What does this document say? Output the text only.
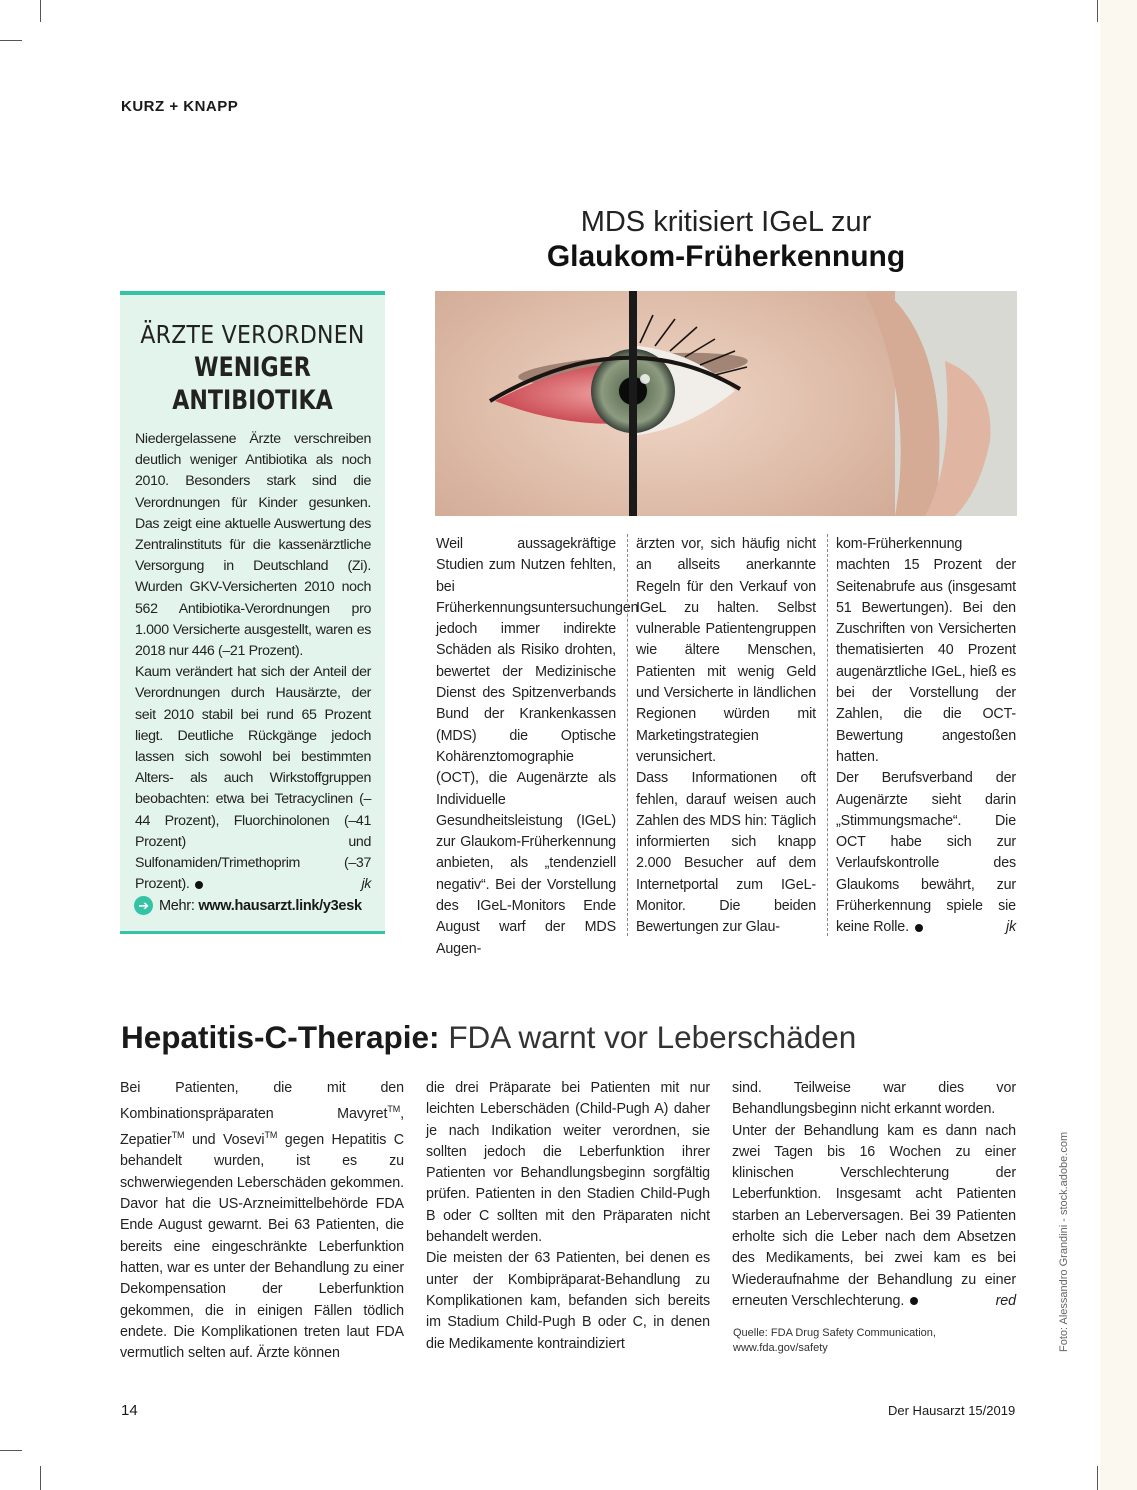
KURZ + KNAPP
MDS kritisiert IGeL zur
Glaukom-Früherkennung
ÄRZTE VERORDNEN
WENIGER
ANTIBIOTIKA
Niedergelassene Ärzte verschreiben deutlich weniger Antibiotika als noch 2010. Besonders stark sind die Verordnungen für Kinder gesunken. Das zeigt eine aktuelle Auswertung des Zentralinstituts für die kassenärztliche Versorgung in Deutschland (Zi). Wurden GKV-Versicherten 2010 noch 562 Antibiotika-Verordnungen pro 1.000 Versicherte ausgestellt, waren es 2018 nur 446 (–21 Prozent).
Kaum verändert hat sich der Anteil der Verordnungen durch Hausärzte, der seit 2010 stabil bei rund 65 Prozent liegt. Deutliche Rückgänge jedoch lassen sich sowohl bei bestimmten Alters- als auch Wirkstoffgruppen beobachten: etwa bei Tetracyclinen (–44 Prozent), Fluorchinolonen (–41 Prozent) und Sulfonamiden/Trimethoprim (–37 Prozent).	jk
➔ Mehr:
www.hausarzt.link/y3esk
Weil aussagekräftige Studien zum Nutzen fehlten, bei Früherkennungsuntersuchungen jedoch immer indirekte Schäden als Risiko drohten, bewertet der Medizinische Dienst des Spitzenverbands Bund der Krankenkassen (MDS) die Optische Kohärenztomographie (OCT), die Augenärzte als Individuelle Gesundheitsleistung (IGeL) zur Glaukom-Früherkennung anbieten, als „tendenziell negativ“. Bei der Vorstellung des IGeL-Monitors Ende August warf der MDS Augen-
ärzten vor, sich häufig nicht an allseits anerkannte Regeln für den Verkauf von IGeL zu halten. Selbst vulnerable Patientengruppen wie ältere Menschen, Patienten mit wenig Geld und Versicherte in ländlichen Regionen würden mit Marketingstrategien verunsichert.
Dass Informationen oft fehlen, darauf weisen auch Zahlen des MDS hin: Täglich informierten sich knapp 2.000 Besucher auf dem Internetportal zum IGeL-Monitor. Die beiden Bewertungen zur Glau-
kom-Früherkennung machten 15 Prozent der Seitenabrufe aus (insgesamt 51 Bewertungen). Bei den Zuschriften von Versicherten thematisierten 40 Prozent augenärztliche IGeL, hieß es bei der Vorstellung der Zahlen, die die OCT-Bewertung angestoßen hatten.
Der Berufsverband der Augenärzte sieht darin „Stimmungsmache“. Die OCT habe sich zur Verlaufskontrolle des Glaukoms bewährt, zur Früherkennung spiele sie keine Rolle.	jk
Hepatitis-C-Therapie: FDA warnt vor Leberschäden
Bei Patienten, die mit den Kombinationspräparaten Mavyret™, Zepatier™ und Vosevi™ gegen Hepatitis C behandelt wurden, ist es zu schwerwiegenden Leberschäden gekommen. Davor hat die US-Arzneimittelbehörde FDA Ende August gewarnt. Bei 63 Patienten, die bereits eine eingeschränkte Leberfunktion hatten, war es unter der Behandlung zu einer Dekompensation der Leberfunktion gekommen, die in einigen Fällen tödlich endete. Die Komplikationen treten laut FDA vermutlich selten auf. Ärzte können
die drei Präparate bei Patienten mit nur leichten Leberschäden (Child-Pugh A) daher je nach Indikation weiter verordnen, sie sollten jedoch die Leberfunktion ihrer Patienten vor Behandlungsbeginn sorgfältig prüfen. Patienten in den Stadien Child-Pugh B oder C sollten mit den Präparaten nicht behandelt werden.
Die meisten der 63 Patienten, bei denen es unter der Kombipräparat-Behandlung zu Komplikationen kam, befanden sich bereits im Stadium Child-Pugh B oder C, in denen die Medikamente kontraindiziert
sind. Teilweise war dies vor Behandlungsbeginn nicht erkannt worden.
Unter der Behandlung kam es dann nach zwei Tagen bis 16 Wochen zu einer klinischen Verschlechterung der Leberfunktion. Insgesamt acht Patienten starben an Leberversagen. Bei 39 Patienten erholte sich die Leber nach dem Absetzen des Medikaments, bei zwei kam es bei Wiederaufnahme der Behandlung zu einer erneuten Verschlechterung.	red
Quelle: FDA Drug Safety Communication,
www.fda.gov/safety	Foto: Alessandro Grandini - stock.adobe.com
14	Der Hausarzt 15/2019
